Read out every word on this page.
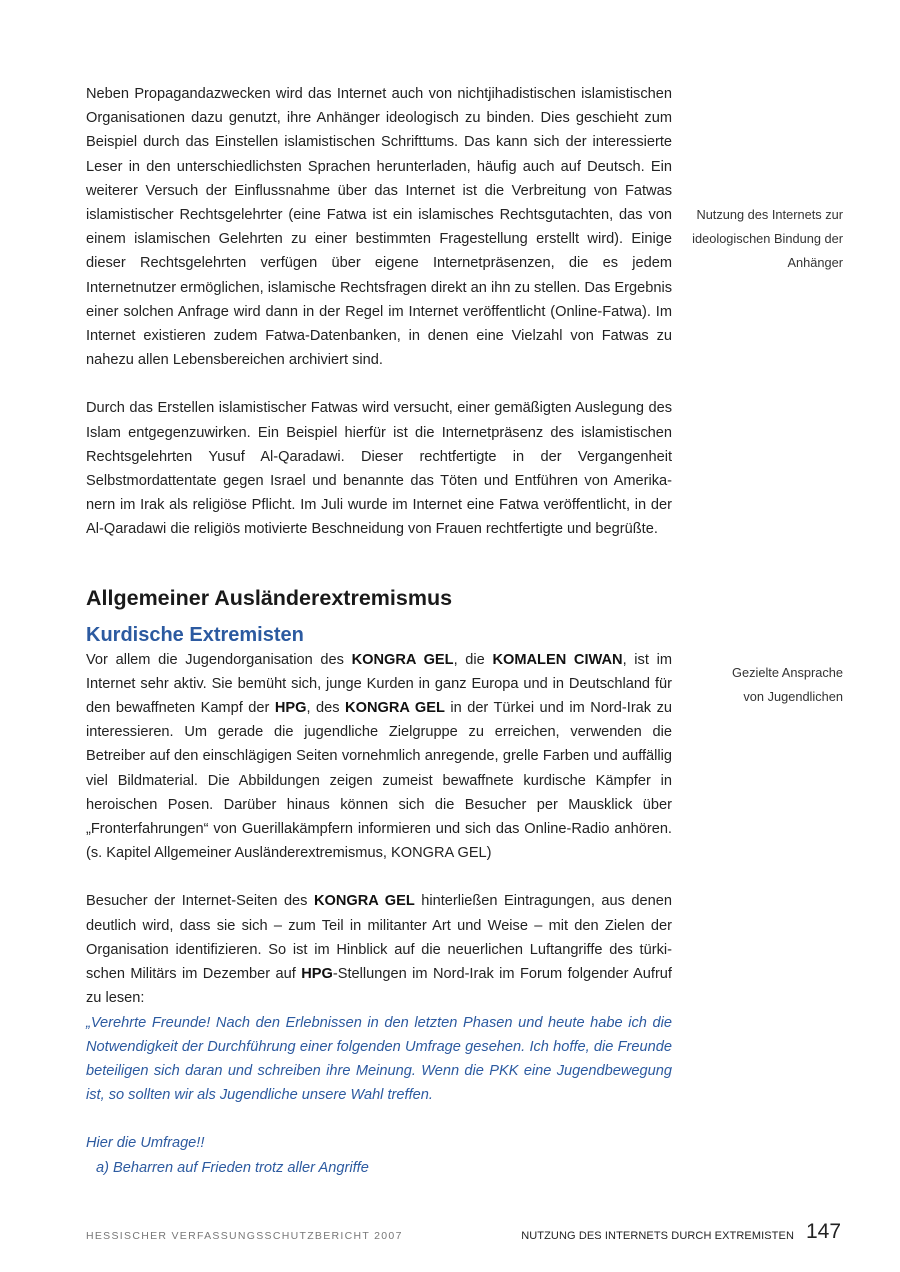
Neben Propagandazwecken wird das Internet auch von nichtjihadistischen islamistischen Organisationen dazu genutzt, ihre Anhänger ideologisch zu binden. Dies geschieht zum Beispiel durch das Einstellen islamistischen Schrifttums. Das kann sich der interessierte Leser in den unterschiedlichsten Sprachen herunterladen, häufig auch auf Deutsch. Ein weiterer Versuch der Einflussnahme über das Internet ist die Verbreitung von Fatwas islamistischer Rechtsgelehrter (eine Fatwa ist ein islamisches Rechtsgutachten, das von einem islamischen Gelehrten zu einer bestimmten Fragestellung erstellt wird). Einige dieser Rechtsgelehrten verfügen über eigene Internetpräsenzen, die es jedem Internetnutzer ermöglichen, islamische Rechtsfragen direkt an ihn zu stellen. Das Ergebnis einer solchen Anfrage wird dann in der Regel im Internet veröffentlicht (Online-Fatwa). Im Internet existieren zudem Fatwa-Datenbanken, in denen eine Vielzahl von Fatwas zu nahezu allen Lebensbereichen archiviert sind.

Durch das Erstellen islamistischer Fatwas wird versucht, einer gemäßigten Auslegung des Islam entgegenzuwirken. Ein Beispiel hierfür ist die Internetpräsenz des islamistischen Rechtsgelehrten Yusuf Al-Qaradawi. Dieser rechtfertigte in der Vergangenheit Selbstmordattentate gegen Israel und benannte das Töten und Entführen von Amerikanern im Irak als religiöse Pflicht. Im Juli wurde im Internet eine Fatwa veröffentlicht, in der Al-Qaradawi die religiös motivierte Beschneidung von Frauen rechtfertigte und begrüßte.

Allgemeiner Ausländerextremismus
Kurdische Extremisten

Vor allem die Jugendorganisation des KONGRA GEL, die KOMALEN CIWAN, ist im Internet sehr aktiv. Sie bemüht sich, junge Kurden in ganz Europa und in Deutschland für den bewaffneten Kampf der HPG, des KONGRA GEL in der Türkei und im Nord-Irak zu interessieren. Um gerade die jugendliche Zielgruppe zu erreichen, verwenden die Betreiber auf den einschlägigen Seiten vornehmlich anregende, grelle Farben und auffällig viel Bildmaterial. Die Abbildungen zeigen zumeist bewaffnete kurdische Kämpfer in heroischen Posen. Darüber hinaus können sich die Besucher per Mausklick über „Fronterfahrungen“ von Guerillakämpfern informieren und sich das Online-Radio anhören. (s. Kapitel Allgemeiner Ausländerextremismus, KONGRA GEL)

Besucher der Internet-Seiten des KONGRA GEL hinterließen Eintragungen, aus denen deutlich wird, dass sie sich – zum Teil in militanter Art und Weise – mit den Zielen der Organisation identifizieren. So ist im Hinblick auf die neuerlichen Luftangriffe des türkischen Militärs im Dezember auf HPG-Stellungen im Nord-Irak im Forum folgender Aufruf zu lesen:

„Verehrte Freunde! Nach den Erlebnissen in den letzten Phasen und heute habe ich die Notwendigkeit der Durchführung einer folgenden Umfrage gesehen. Ich hoffe, die Freunde beteiligen sich daran und schreiben ihre Meinung. Wenn die PKK eine Jugendbewegung ist, so sollten wir als Jugendliche unsere Wahl treffen.

Hier die Umfrage!!

a) Beharren auf Frieden trotz aller Angriffe

Nutzung des Internets zur
ideologischen Bindung der
Anhänger
Gezielte Ansprache
von Jugendlichen
HESSISCHER VERFASSUNGSSCHUTZBERICHT 2007	NUTZUNG DES INTERNETS DURCH EXTREMISTEN 147
